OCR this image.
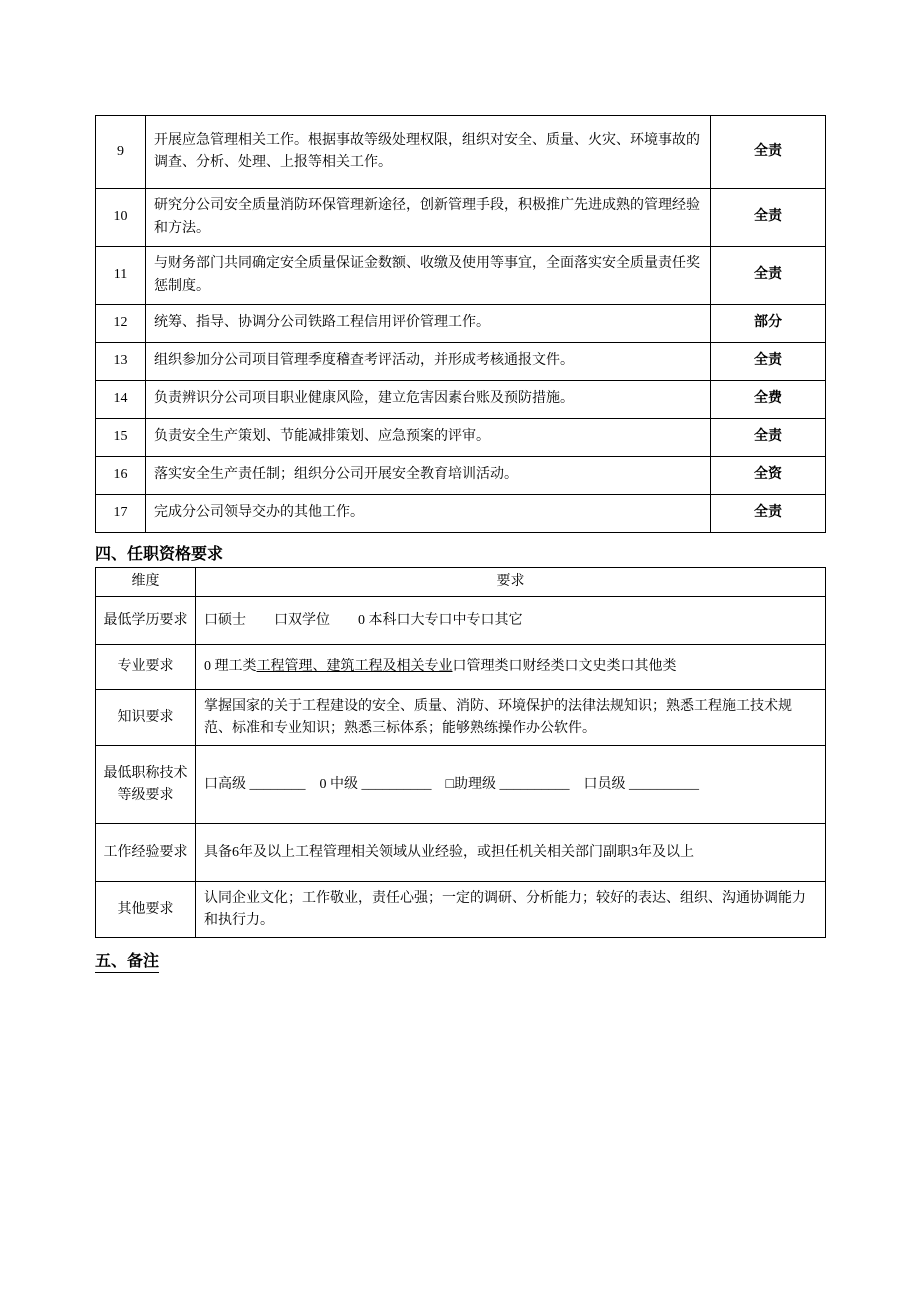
9	开展应急管理相关工作。根据事故等级处理权限，组织对安全、质量、火灾、环境事故的调查、分析、处理、上报等相关工作。	全责
10	研究分公司安全质量消防环保管理新途径，创新管理手段，积极推广先进成熟的管理经验和方法。	全责
11	与财务部门共同确定安全质量保证金数额、收缴及使用等事宜，全面落实安全质量责任奖惩制度。	全责
12	统筹、指导、协调分公司铁路工程信用评价管理工作。	部分
13	组织参加分公司项目管理季度稽查考评活动，并形成考核通报文件。	全责
14	负责辨识分公司项目职业健康风险，建立危害因素台账及预防措施。	全费
15	负责安全生产策划、节能减排策划、应急预案的评审。	全责
16	落实安全生产责任制；组织分公司开展安全教育培训活动。	全资
17	完成分公司领导交办的其他工作。	全责
四、任职资格要求
维度	要求
最低学历要求	口硕士　　口双学位　　0 本科口大专口中专口其它
专业要求	0 理工类工程管理、建筑工程及相关专业口管理类口财经类口文史类口其他类
知识要求	掌握国家的关于工程建设的安全、质量、消防、环境保护的法律法规知识；熟悉工程施工技术规范、标准和专业知识；熟悉三标体系；能够熟练操作办公软件。
最低职称技术等级要求	口高级 ________　0 中级 __________　□助理级 __________　口员级 __________
工作经验要求	具备6年及以上工程管理相关领域从业经验，或担任机关相关部门副职3年及以上
其他要求	认同企业文化；工作敬业，责任心强；一定的调研、分析能力；较好的表达、组织、沟通协调能力和执行力。
五、备注
